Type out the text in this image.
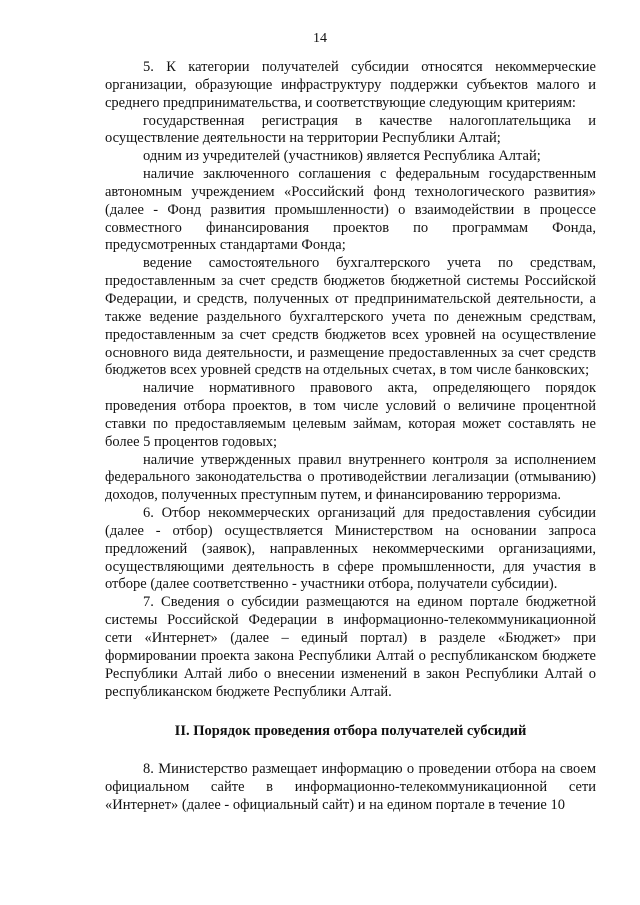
14

5. К категории получателей субсидии относятся некоммерческие организации, образующие инфраструктуру поддержки субъектов малого и среднего предпринимательства, и соответствующие следующим критериям:

государственная регистрация в качестве налогоплательщика и осуществление деятельности на территории Республики Алтай;

одним из учредителей (участников) является Республика Алтай;

наличие заключенного соглашения с федеральным государственным автономным учреждением «Российский фонд технологического развития» (далее - Фонд развития промышленности) о взаимодействии в процессе совместного финансирования проектов по программам Фонда, предусмотренных стандартами Фонда;

ведение самостоятельного бухгалтерского учета по средствам, предоставленным за счет средств бюджетов бюджетной системы Российской Федерации, и средств, полученных от предпринимательской деятельности, а также ведение раздельного бухгалтерского учета по денежным средствам, предоставленным за счет средств бюджетов всех уровней на осуществление основного вида деятельности, и размещение предоставленных за счет средств бюджетов всех уровней средств на отдельных счетах, в том числе банковских;

наличие нормативного правового акта, определяющего порядок проведения отбора проектов, в том числе условий о величине процентной ставки по предоставляемым целевым займам, которая может составлять не более 5 процентов годовых;

наличие утвержденных правил внутреннего контроля за исполнением федерального законодательства о противодействии легализации (отмыванию) доходов, полученных преступным путем, и финансированию терроризма.

6. Отбор некоммерческих организаций для предоставления субсидии (далее - отбор) осуществляется Министерством на основании запроса предложений (заявок), направленных некоммерческими организациями, осуществляющими деятельность в сфере промышленности, для участия в отборе (далее соответственно - участники отбора, получатели субсидии).

7. Сведения о субсидии размещаются на едином портале бюджетной системы Российской Федерации в информационно-телекоммуникационной сети «Интернет» (далее – единый портал) в разделе «Бюджет» при формировании проекта закона Республики Алтай о республиканском бюджете Республики Алтай либо о внесении изменений в закон Республики Алтай о республиканском бюджете Республики Алтай.

II. Порядок проведения отбора получателей субсидий

8. Министерство размещает информацию о проведении отбора на своем официальном сайте в информационно-телекоммуникационной сети «Интернет» (далее - официальный сайт) и на едином портале в течение 10
